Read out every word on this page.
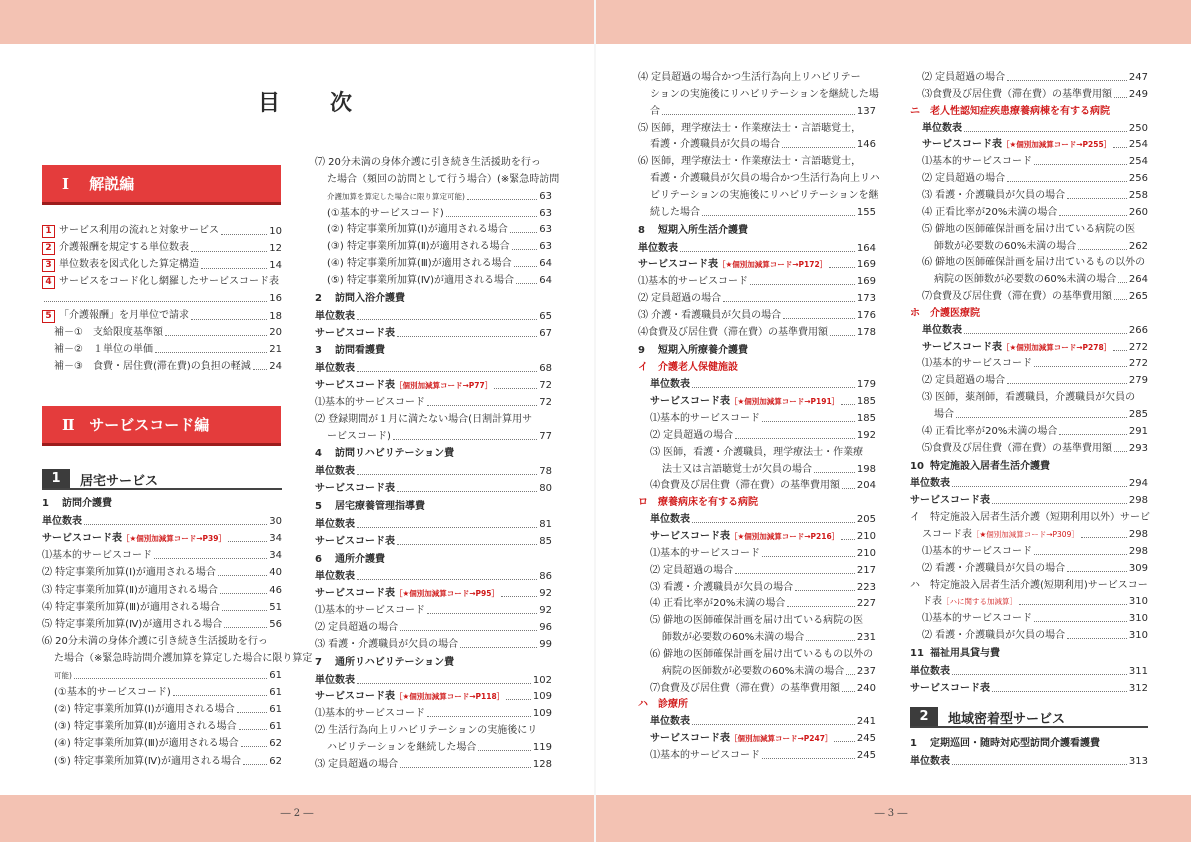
目　次
Ⅰ 解説編
Ⅱ サービスコード編
1 サービス利用の流れと対象サービス	10
2 介護報酬を規定する単位数表	12
3 単位数表を図式化した算定構造	14
4 サービスをコード化し網羅したサービスコード表
16
5 「介護報酬」を月単位で請求	18
補－①　支給限度基準額	20
補－②　１単位の単価	21
補－③　食費・居住費(滞在費)の負担の軽減 24
1	居宅サービス
1 訪問介護費
単位数表	30
サービスコード表［★個別加減算コード→P39］	34
⑴基本的サービスコード	34
⑵ 特定事業所加算(Ⅰ)が適用される場合	40
⑶ 特定事業所加算(Ⅱ)が適用される場合	46
⑷ 特定事業所加算(Ⅲ)が適用される場合	51
⑸ 特定事業所加算(Ⅳ)が適用される場合	56
⑹ 20分未満の身体介護に引き続き生活援助を行っ
た場合（※緊急時訪問介護加算を算定した場合に限り算定
可能)	61
(①基本的サービスコード)	61
(②) 特定事業所加算(Ⅰ)が適用される場合	61
(③) 特定事業所加算(Ⅱ)が適用される場合	61
(④) 特定事業所加算(Ⅲ)が適用される場合	62
(⑤) 特定事業所加算(Ⅳ)が適用される場合	62
⑺ 20分未満の身体介護に引き続き生活援助を行っ
た場合（頻回の訪問として行う場合）(※緊急時訪問
介護加算を算定した場合に限り算定可能)	63
(①基本的サービスコード)	63
(②) 特定事業所加算(Ⅰ)が適用される場合	63
(③) 特定事業所加算(Ⅱ)が適用される場合	63
(④) 特定事業所加算(Ⅲ)が適用される場合	64
(⑤) 特定事業所加算(Ⅳ)が適用される場合	64
2 訪問入浴介護費
単位数表	65
サービスコード表	67
3 訪問看護費
単位数表	68
サービスコード表［個別加減算コード→P77］	72
⑴基本的サービスコード	72
⑵ 登録期間が１月に満たない場合(日割計算用サ
ービスコード)	77
4 訪問リハビリテーション費
単位数表	78
サービスコード表	80
5 居宅療養管理指導費
単位数表	81
サービスコード表	85
6 通所介護費
単位数表	86
サービスコード表［★個別加減算コード→P95］	92
⑴基本的サービスコード	92
⑵ 定員超過の場合	96
⑶ 看護・介護職員が欠員の場合	99
7 通所リハビリテーション費
単位数表	102
サービスコード表［★個別加減算コード→P118］	109
⑴基本的サービスコード	109
⑵ 生活行為向上リハビリテーションの実施後にリ
ハビリテーションを継続した場合	119
⑶ 定員超過の場合	128
⑷ 定員超過の場合かつ生活行為向上リハビリテー
ションの実施後にリハビリテーションを継続した場
合	137
⑸ 医師，理学療法士・作業療法士・言語聴覚士，
看護・介護職員が欠員の場合	146
⑹ 医師，理学療法士・作業療法士・言語聴覚士，
看護・介護職員が欠員の場合かつ生活行為向上リハ
ビリテーションの実施後にリハビリテーションを継
続した場合	155
8 短期入所生活介護費
単位数表	164
サービスコード表［★個別加減算コード→P172］	169
⑴基本的サービスコード	169
⑵ 定員超過の場合	173
⑶ 介護・看護職員が欠員の場合	176
⑷食費及び居住費（滞在費）の基準費用額	178
9 短期入所療養介護費
イ　介護老人保健施設
単位数表	179
サービスコード表［★個別加減算コード→P191］ 185
⑴基本的サービスコード	185
⑵ 定員超過の場合	192
⑶ 医師，看護・介護職員，理学療法士・作業療
法士又は言語聴覚士が欠員の場合	198
⑷食費及び居住費（滞在費）の基準費用額 204
ロ　療養病床を有する病院
単位数表	205
サービスコード表［★個別加減算コード→P216］ 210
⑴基本的サービスコード	210
⑵ 定員超過の場合	217
⑶ 看護・介護職員が欠員の場合	223
⑷ 正看比率が20%未満の場合	227
⑸ 僻地の医師確保計画を届け出ている病院の医
師数が必要数の60%未満の場合	231
⑹ 僻地の医師確保計画を届け出ているもの以外の
病院の医師数が必要数の60%未満の場合 237
⑺食費及び居住費（滞在費）の基準費用額 240
ハ　診療所
単位数表	241
サービスコード表［個別加減算コード→P247］ 245
⑴基本的サービスコード	245
⑵ 定員超過の場合	247
⑶食費及び居住費（滞在費）の基準費用額 249
ニ　老人性認知症疾患療養病棟を有する病院
単位数表	250
サービスコード表［★個別加減算コード→P255］ 254
⑴基本的サービスコード	254
⑵ 定員超過の場合	256
⑶ 看護・介護職員が欠員の場合	258
⑷ 正看比率が20%未満の場合	260
⑸ 僻地の医師確保計画を届け出ている病院の医
師数が必要数の60%未満の場合	262
⑹ 僻地の医師確保計画を届け出ているもの以外の
病院の医師数が必要数の60%未満の場合 264
⑺食費及び居住費（滞在費）の基準費用額 265
ホ　介護医療院
単位数表	266
サービスコード表［★個別加減算コード→P278］ 272
⑴基本的サービスコード	272
⑵ 定員超過の場合	279
⑶ 医師，薬剤師，看護職員，介護職員が欠員の
場合	285
⑷ 正看比率が20%未満の場合	291
⑸食費及び居住費（滞在費）の基準費用額 293
10 特定施設入居者生活介護費
単位数表	294
サービスコード表	298
イ　特定施設入居者生活介護（短期利用以外）サービ
スコード表［★個別加減算コード→P309］	298
⑴基本的サービスコード	298
⑵ 看護・介護職員が欠員の場合	309
ハ　特定施設入居者生活介護(短期利用)サービスコー
ド表［ハに関する加減算］	310
⑴基本的サービスコード	310
⑵ 看護・介護職員が欠員の場合	310
11 福祉用具貸与費
単位数表	311
サービスコード表	312
2	地域密着型サービス
1 定期巡回・随時対応型訪問介護看護費
単位数表	313
― 2 ―	― 3 ―
